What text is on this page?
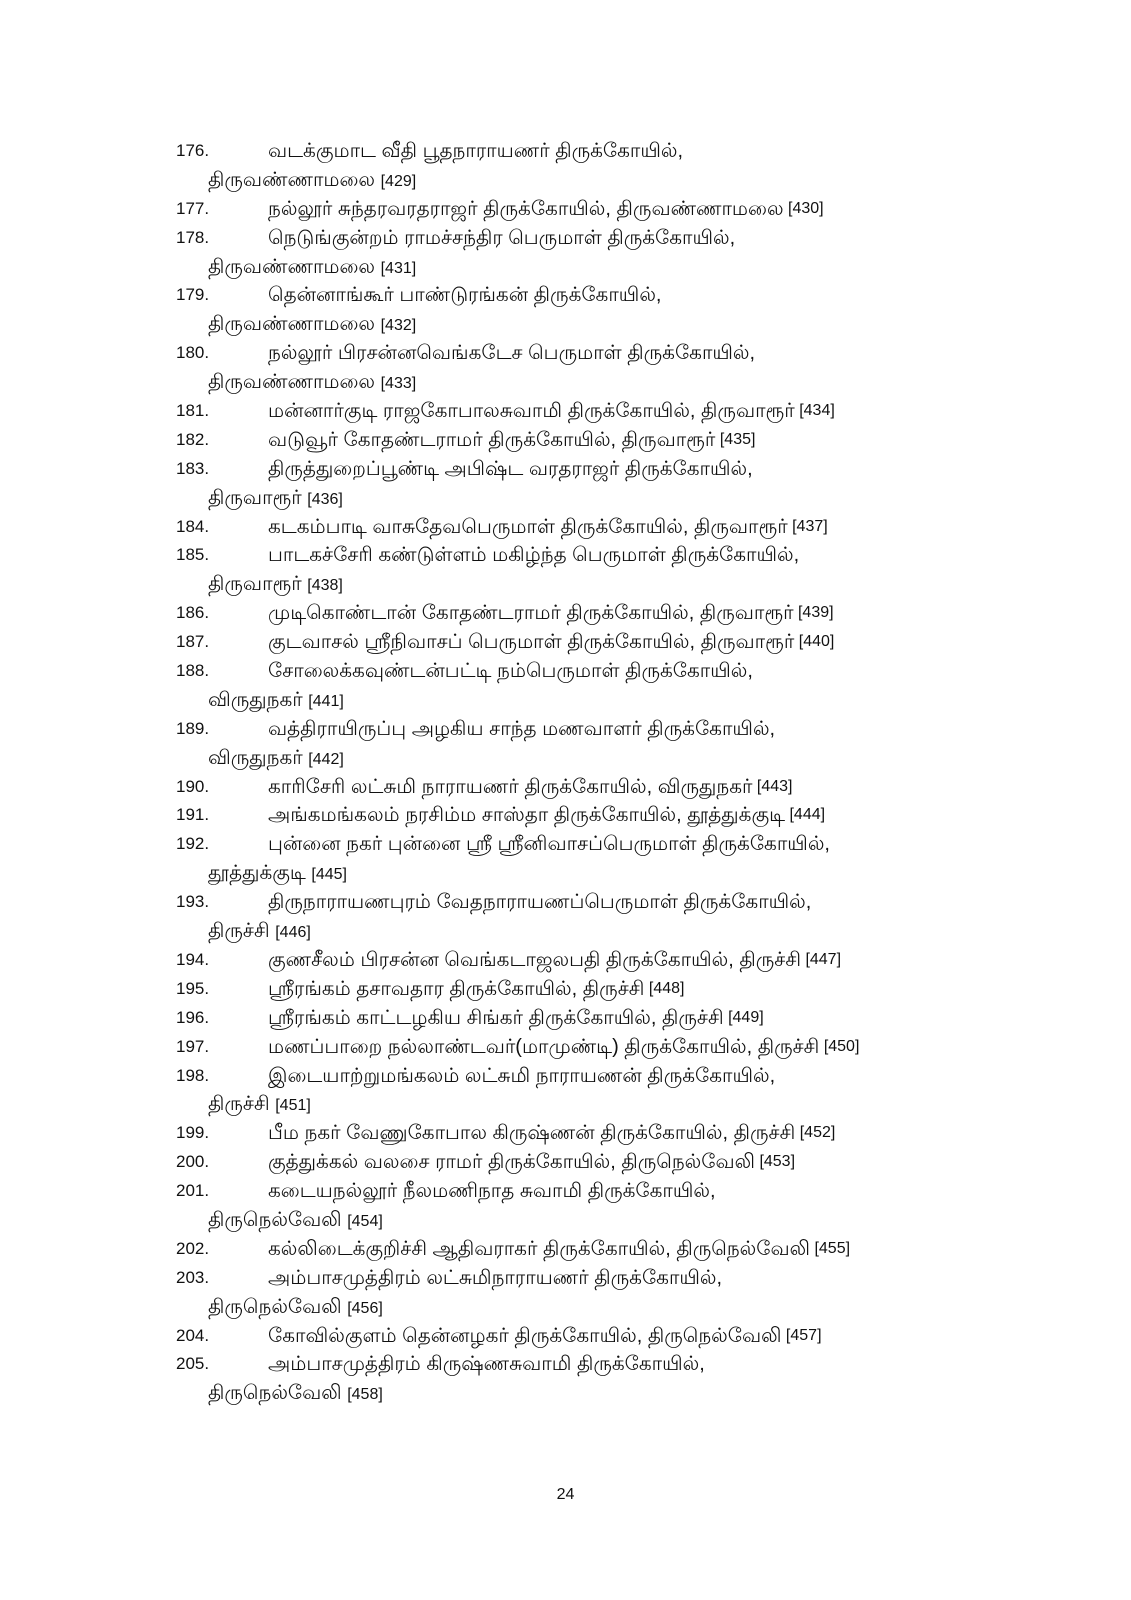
176.	வடக்குமாட வீதி பூதநாராயணர் திருக்கோயில்,
திருவண்ணாமலை [429]
177.	நல்லூர் சுந்தரவரதராஜர் திருக்கோயில், திருவண்ணாமலை
[430]
178.	நெடுங்குன்றம் ராமச்சந்திர பெருமாள் திருக்கோயில்,
திருவண்ணாமலை [431]
179.	தென்னாங்கூர் பாண்டுரங்கன் திருக்கோயில்,
திருவண்ணாமலை [432]
180.	நல்லூர் பிரசன்னவெங்கடேச பெருமாள் திருக்கோயில்,
திருவண்ணாமலை [433]
181.	மன்னார்குடி ராஜகோபாலசுவாமி திருக்கோயில், திருவாரூர்
[434]
182.	வடுவூர் கோதண்டராமர் திருக்கோயில், திருவாரூர்
[435]
183.	திருத்துறைப்பூண்டி அபிஷ்ட வரதராஜர் திருக்கோயில்,
திருவாரூர் [436]
184.	கடகம்பாடி வாசுதேவபெருமாள் திருக்கோயில், திருவாரூர்
[437]
185.	பாடகச்சேரி கண்டுள்ளம் மகிழ்ந்த பெருமாள் திருக்கோயில்,
திருவாரூர் [438]
186.	முடிகொண்டான் கோதண்டராமர் திருக்கோயில், திருவாரூர்
[439]
187.	குடவாசல் ஸ்ரீநிவாசப் பெருமாள் திருக்கோயில், திருவாரூர்
[440]
188.	சோலைக்கவுண்டன்பட்டி நம்பெருமாள் திருக்கோயில்,
விருதுநகர் [441]
189.	வத்திராயிருப்பு அழகிய சாந்த மணவாளர் திருக்கோயில்,
விருதுநகர் [442]
190.	காரிசேரி லட்சுமி நாராயணர் திருக்கோயில், விருதுநகர்
[443]
191.	அங்கமங்கலம் நரசிம்ம சாஸ்தா திருக்கோயில், தூத்துக்குடி
[444]
192.	புன்னை நகர் புன்னை ஸ்ரீ ஸ்ரீனிவாசப்பெருமாள் திருக்கோயில்,
தூத்துக்குடி [445]
193.	திருநாராயணபுரம் வேதநாராயணப்பெருமாள் திருக்கோயில்,
திருச்சி [446]
194.	குணசீலம் பிரசன்ன வெங்கடாஜலபதி திருக்கோயில், திருச்சி
[447]
195.	ஸ்ரீரங்கம் தசாவதார திருக்கோயில், திருச்சி
[448]
196.	ஸ்ரீரங்கம் காட்டழகிய சிங்கர் திருக்கோயில், திருச்சி
[449]
197.	மணப்பாறை நல்லாண்டவர்(மாமுண்டி) திருக்கோயில், திருச்சி
[450]
198.	இடையாற்றுமங்கலம் லட்சுமி நாராயணன் திருக்கோயில்,
திருச்சி [451]
199.	பீம நகர் வேணுகோபால கிருஷ்ணன் திருக்கோயில், திருச்சி
[452]
200.	குத்துக்கல் வலசை ராமர் திருக்கோயில், திருநெல்வேலி
[453]
201.	கடையநல்லூர் நீலமணிநாத சுவாமி திருக்கோயில்,
திருநெல்வேலி [454]
202.	கல்லிடைக்குறிச்சி ஆதிவராகர் திருக்கோயில், திருநெல்வேலி
[455]
203.	அம்பாசமுத்திரம் லட்சுமிநாராயணர் திருக்கோயில்,
திருநெல்வேலி [456]
204.	கோவில்குளம் தென்னழகர் திருக்கோயில், திருநெல்வேலி
[457]
205.	அம்பாசமுத்திரம் கிருஷ்ணசுவாமி திருக்கோயில்,
திருநெல்வேலி [458]
24
